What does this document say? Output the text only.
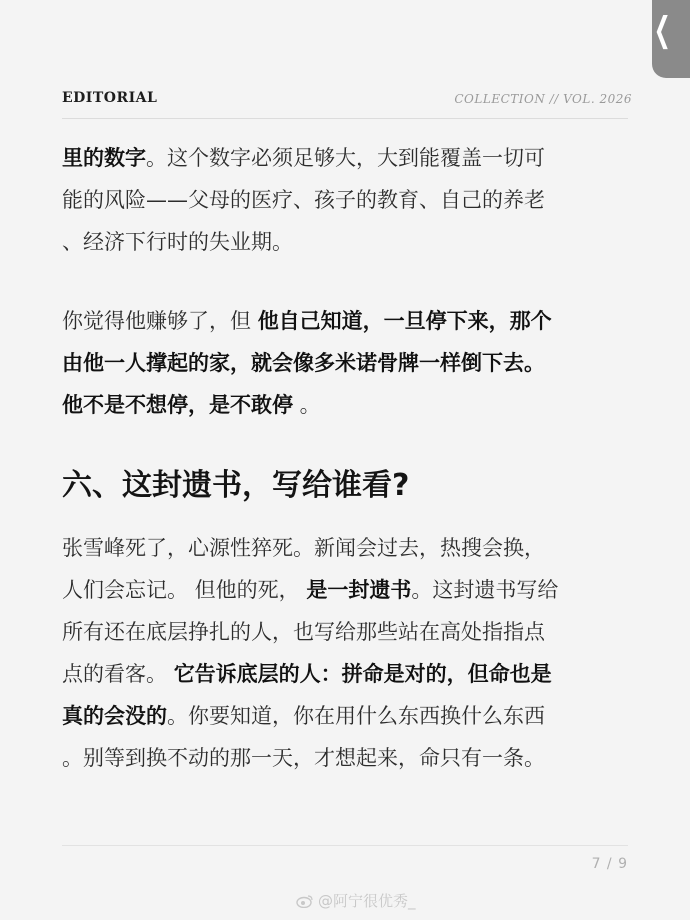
❮
EDITORIAL	COLLECTION // VOL. 2026
里的数字。这个数字必须足够大，大到能覆盖一切可
能的风险——父母的医疗、孩子的教育、自己的养老
、经济下行时的失业期。
你觉得他赚够了，但 他自己知道，一旦停下来，那个
由他一人撑起的家，就会像多米诺骨牌一样倒下去。
他不是不想停，是不敢停 。
六、这封遗书，写给谁看?
张雪峰死了，心源性猝死。新闻会过去，热搜会换，
人们会忘记。 但他的死， 是一封遗书。这封遗书写给
所有还在底层挣扎的人，也写给那些站在高处指指点
点的看客。 它告诉底层的人：拼命是对的，但命也是
真的会没的。你要知道，你在用什么东西换什么东西
。别等到换不动的那一天，才想起来，命只有一条。
7 / 9
@阿宁很优秀_
